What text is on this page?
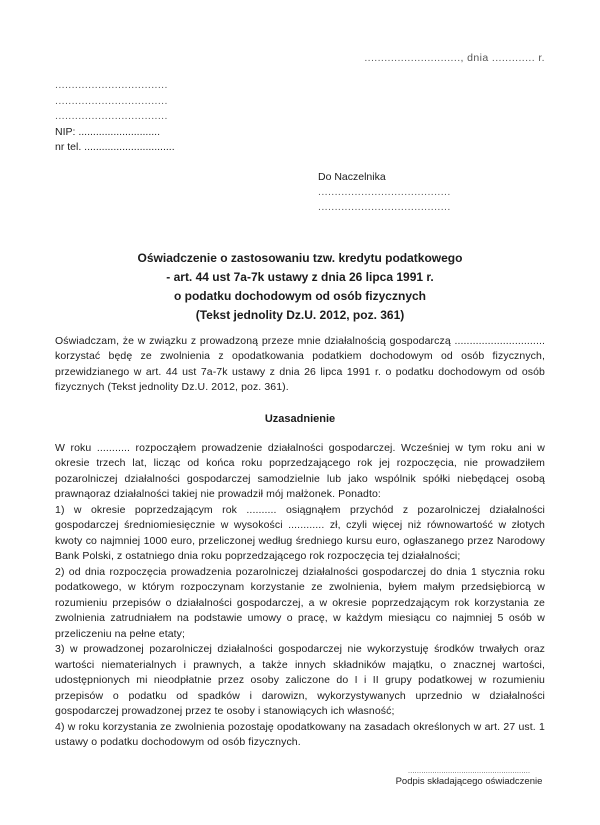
............................., dnia ............. r.
..................................
..................................
..................................
NIP: ............................
nr tel. ...............................
Do Naczelnika
........................................
........................................
Oświadczenie o zastosowaniu tzw. kredytu podatkowego
- art. 44 ust 7a-7k ustawy z dnia 26 lipca 1991 r.
o podatku dochodowym od osób fizycznych
(Tekst jednolity Dz.U. 2012, poz. 361)

Oświadczam, że w związku z prowadzoną przeze mnie działalnością gospodarczą .............................. korzystać będę ze zwolnienia z opodatkowania podatkiem dochodowym od osób fizycznych, przewidzianego w art. 44 ust 7a-7k ustawy z dnia 26 lipca 1991 r. o podatku dochodowym od osób fizycznych (Tekst jednolity Dz.U. 2012, poz. 361).

Uzasadnienie

W roku ........... rozpocząłem prowadzenie działalności gospodarczej. Wcześniej w tym roku ani w okresie trzech lat, licząc od końca roku poprzedzającego rok jej rozpoczęcia, nie prowadziłem pozarolniczej działalności gospodarczej samodzielnie lub jako wspólnik spółki niebędącej osobą prawnąoraz działalności takiej nie prowadził mój małżonek. Ponadto:

1) w okresie poprzedzającym rok .......... osiągnąłem przychód z pozarolniczej działalności gospodarczej średniomiesięcznie w wysokości ............ zł, czyli więcej niż równowartość w złotych kwoty co najmniej 1000 euro, przeliczonej według średniego kursu euro, ogłaszanego przez Narodowy Bank Polski, z ostatniego dnia roku poprzedzającego rok rozpoczęcia tej działalności;

2) od dnia rozpoczęcia prowadzenia pozarolniczej działalności gospodarczej do dnia 1 stycznia roku podatkowego, w którym rozpoczynam korzystanie ze zwolnienia, byłem małym przedsiębiorcą w rozumieniu przepisów o działalności gospodarczej, a w okresie poprzedzającym rok korzystania ze zwolnienia zatrudniałem na podstawie umowy o pracę, w każdym miesiącu co najmniej 5 osób w przeliczeniu na pełne etaty;

3) w prowadzonej pozarolniczej działalności gospodarczej nie wykorzystuję środków trwałych oraz wartości niematerialnych i prawnych, a także innych składników majątku, o znacznej wartości, udostępnionych mi nieodpłatnie przez osoby zaliczone do I i II grupy podatkowej w rozumieniu przepisów o podatku od spadków i darowizn, wykorzystywanych uprzednio w działalności gospodarczej prowadzonej przez te osoby i stanowiących ich własność;

4) w roku korzystania ze zwolnienia pozostaję opodatkowany na zasadach określonych w art. 27 ust. 1 ustawy o podatku dochodowym od osób fizycznych.

.......................................................
Podpis składającego oświadczenie
